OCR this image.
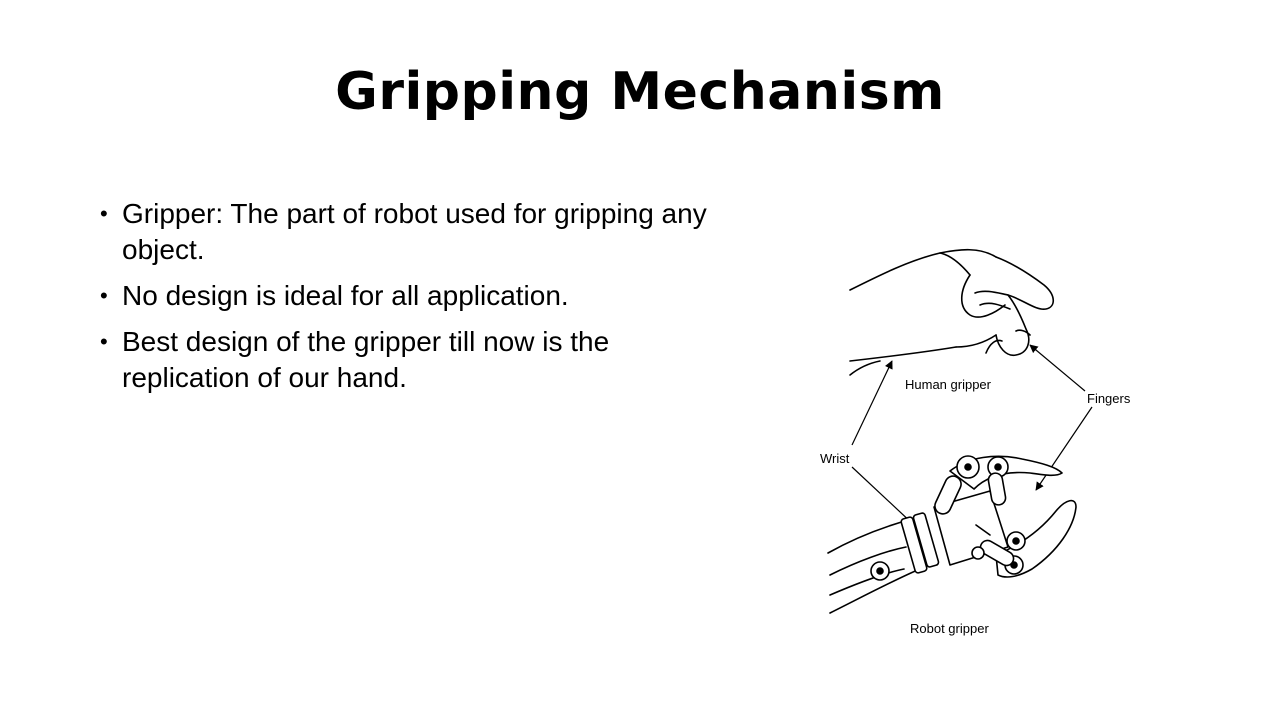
Gripping Mechanism
• Gripper: The part of robot used for gripping any object.
• No design is ideal for all application.
• Best design of the gripper till now is the replication of our hand.	Human gripper
Fingers
Wrist
Robot gripper
